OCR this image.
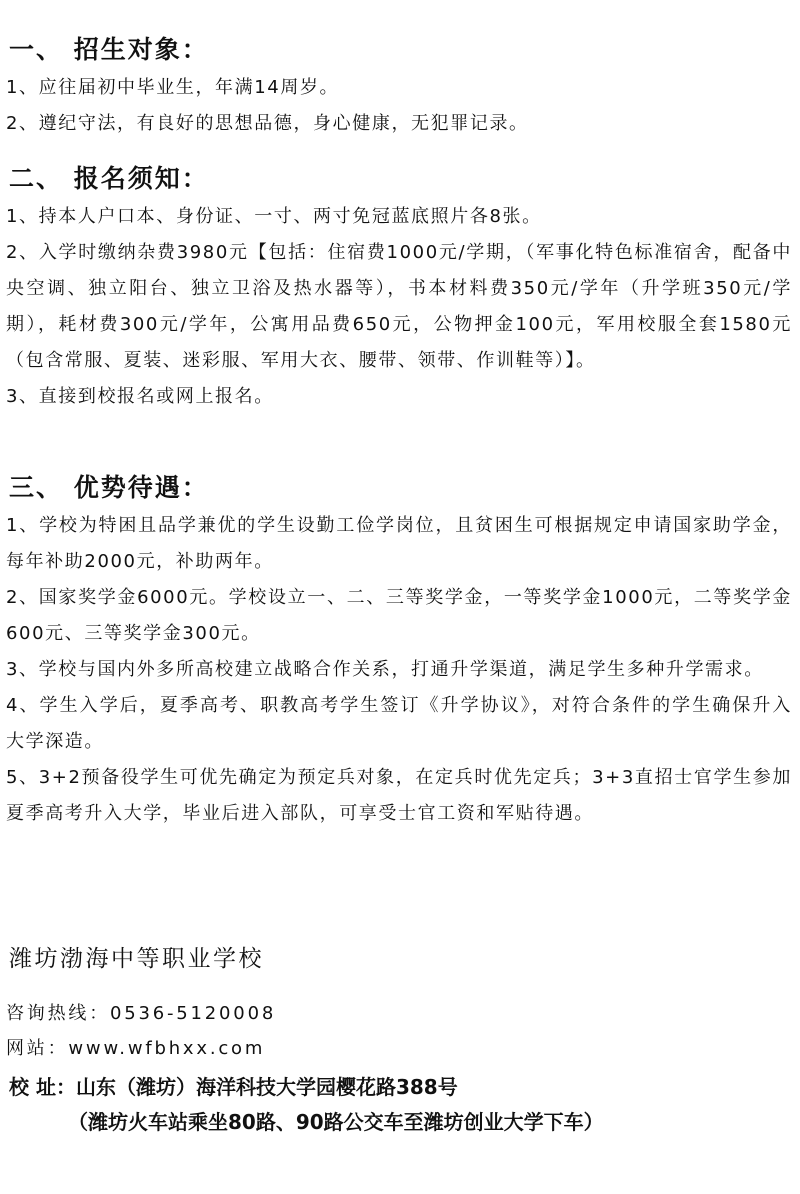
一、 招生对象：
1、应往届初中毕业生，年满14周岁。
2、遵纪守法，有良好的思想品德，身心健康，无犯罪记录。
二、 报名须知：
1、持本人户口本、身份证、一寸、两寸免冠蓝底照片各8张。
2、入学时缴纳杂费3980元【包括：住宿费1000元/学期，（军事化特色标准宿舍，配备中央空调、独立阳台、独立卫浴及热水器等），书本材料费350元/学年（升学班350元/学期），耗材费300元/学年，公寓用品费650元，公物押金100元，军用校服全套1580元（包含常服、夏装、迷彩服、军用大衣、腰带、领带、作训鞋等）】。
3、直接到校报名或网上报名。
三、 优势待遇：
1、学校为特困且品学兼优的学生设勤工俭学岗位，且贫困生可根据规定申请国家助学金，每年补助2000元，补助两年。
2、国家奖学金6000元。学校设立一、二、三等奖学金，一等奖学金1000元，二等奖学金600元、三等奖学金300元。
3、学校与国内外多所高校建立战略合作关系，打通升学渠道，满足学生多种升学需求。
4、学生入学后，夏季高考、职教高考学生签订《升学协议》，对符合条件的学生确保升入大学深造。
5、3+2预备役学生可优先确定为预定兵对象，在定兵时优先定兵；3+3直招士官学生参加夏季高考升入大学，毕业后进入部队，可享受士官工资和军贴待遇。
潍坊渤海中等职业学校
咨询热线：0536-5120008
网站：www.wfbhxx.com
校 址：山东（潍坊）海洋科技大学园樱花路388号
（潍坊火车站乘坐80路、90路公交车至潍坊创业大学下车）
